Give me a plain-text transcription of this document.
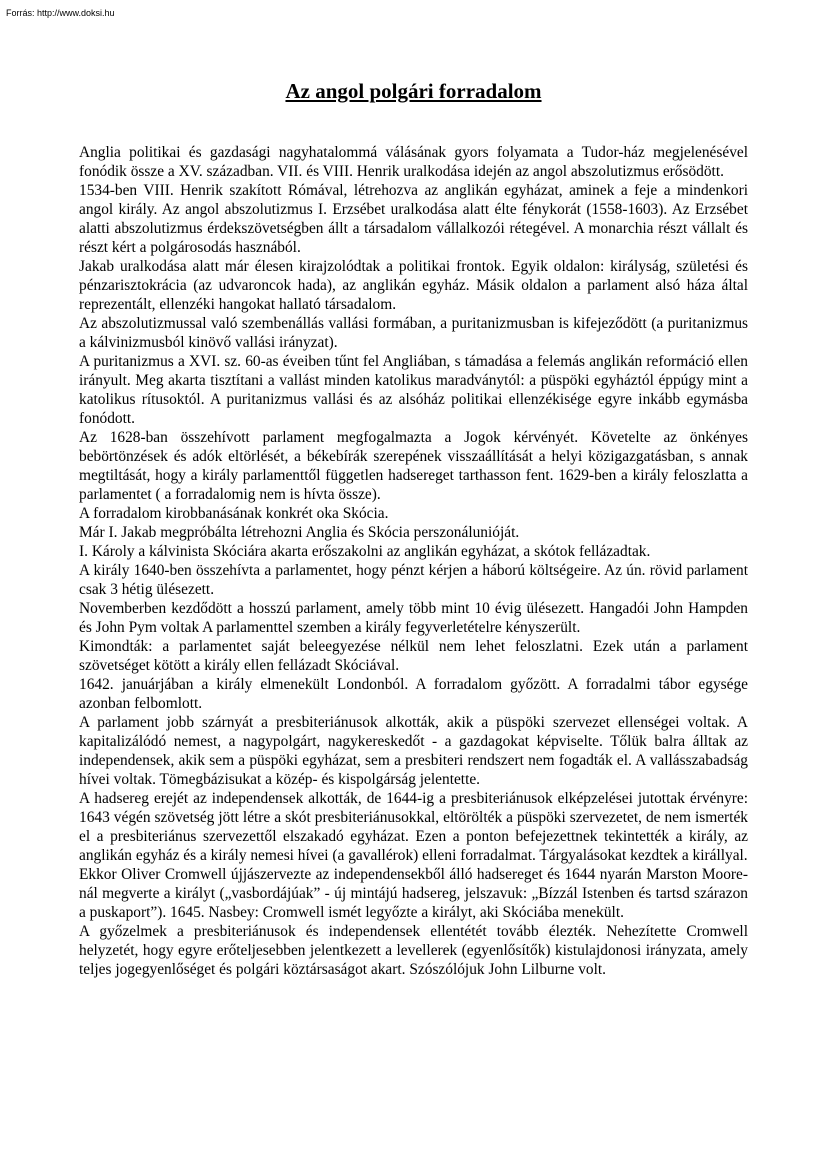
Forrás: http://www.doksi.hu
Az angol polgári forradalom

Anglia politikai és gazdasági nagyhatalommá válásának gyors folyamata a Tudor-ház megjelenésével fonódik össze a XV. században. VII. és VIII. Henrik uralkodása idején az angol abszolutizmus erősödött.

1534-ben VIII. Henrik szakított Rómával, létrehozva az anglikán egyházat, aminek a feje a mindenkori angol király. Az angol abszolutizmus I. Erzsébet uralkodása alatt élte fénykorát (1558-1603). Az Erzsébet alatti abszolutizmus érdekszövetségben állt a társadalom vállalkozói rétegével. A monarchia részt vállalt és részt kért a polgárosodás hasznából.

Jakab uralkodása alatt már élesen kirajzolódtak a politikai frontok. Egyik oldalon: királyság, születési és pénzarisztokrácia (az udvaroncok hada), az anglikán egyház. Másik oldalon a parlament alsó háza által reprezentált, ellenzéki hangokat hallató társadalom.

Az abszolutizmussal való szembenállás vallási formában, a puritanizmusban is kifejeződött (a puritanizmus a kálvinizmusból kinövő vallási irányzat).

A puritanizmus a XVI. sz. 60-as éveiben tűnt fel Angliában, s támadása a felemás anglikán reformáció ellen irányult. Meg akarta tisztítani a vallást minden katolikus maradványtól: a püspöki egyháztól éppúgy mint a katolikus rítusoktól. A puritanizmus vallási és az alsóház politikai ellenzékisége egyre inkább egymásba fonódott.

Az 1628-ban összehívott parlament megfogalmazta a Jogok kérvényét. Követelte az önkényes bebörtönzések és adók eltörlését, a békebírák szerepének visszaállítását a helyi közigazgatásban, s annak megtiltását, hogy a király parlamenttől független hadsereget tarthasson fent. 1629-ben a király feloszlatta a parlamentet ( a forradalomig nem is hívta össze).

A forradalom kirobbanásának konkrét oka Skócia.

Már I. Jakab megpróbálta létrehozni Anglia és Skócia perszonálunióját.

I. Károly a kálvinista Skóciára akarta erőszakolni az anglikán egyházat, a skótok fellázadtak.

A király 1640-ben összehívta a parlamentet, hogy pénzt kérjen a háború költségeire. Az ún. rövid parlament csak 3 hétig ülésezett.

Novemberben kezdődött a hosszú parlament, amely több mint 10 évig ülésezett. Hangadói John Hampden és John Pym voltak A parlamenttel szemben a király fegyverletételre kényszerült.

Kimondták: a parlamentet saját beleegyezése nélkül nem lehet feloszlatni. Ezek után a parlament szövetséget kötött a király ellen fellázadt Skóciával.

1642. januárjában a király elmenekült Londonból. A forradalom győzött. A forradalmi tábor egysége azonban felbomlott.

A parlament jobb szárnyát a presbiteriánusok alkották, akik a püspöki szervezet ellenségei voltak. A kapitalizálódó nemest, a nagypolgárt, nagykereskedőt - a gazdagokat képviselte. Tőlük balra álltak az independensek, akik sem a püspöki egyházat, sem a presbiteri rendszert nem fogadták el. A vallásszabadság hívei voltak. Tömegbázisukat a közép- és kispolgárság jelentette.

A hadsereg erejét az independensek alkották, de 1644-ig a presbiteriánusok elképzelései jutottak érvényre: 1643 végén szövetség jött létre a skót presbiteriánusokkal, eltörölték a püspöki szervezetet, de nem ismerték el a presbiteriánus szervezettől elszakadó egyházat. Ezen a ponton befejezettnek tekintették a király, az anglikán egyház és a király nemesi hívei (a gavallérok) elleni forradalmat. Tárgyalásokat kezdtek a királlyal.

Ekkor Oliver Cromwell újjászervezte az independensekből álló hadsereget és 1644 nyarán Marston Moore-nál megverte a királyt („vasbordájúak” - új mintájú hadsereg, jelszavuk: „Bízzál Istenben és tartsd szárazon a puskaport”). 1645. Nasbey: Cromwell ismét legyőzte a királyt, aki Skóciába menekült.

A győzelmek a presbiteriánusok és independensek ellentétét tovább élezték. Nehezítette Cromwell helyzetét, hogy egyre erőteljesebben jelentkezett a levellerek (egyenlősítők) kistulajdonosi irányzata, amely teljes jogegyenlőséget és polgári köztársaságot akart. Szószólójuk John Lilburne volt.
